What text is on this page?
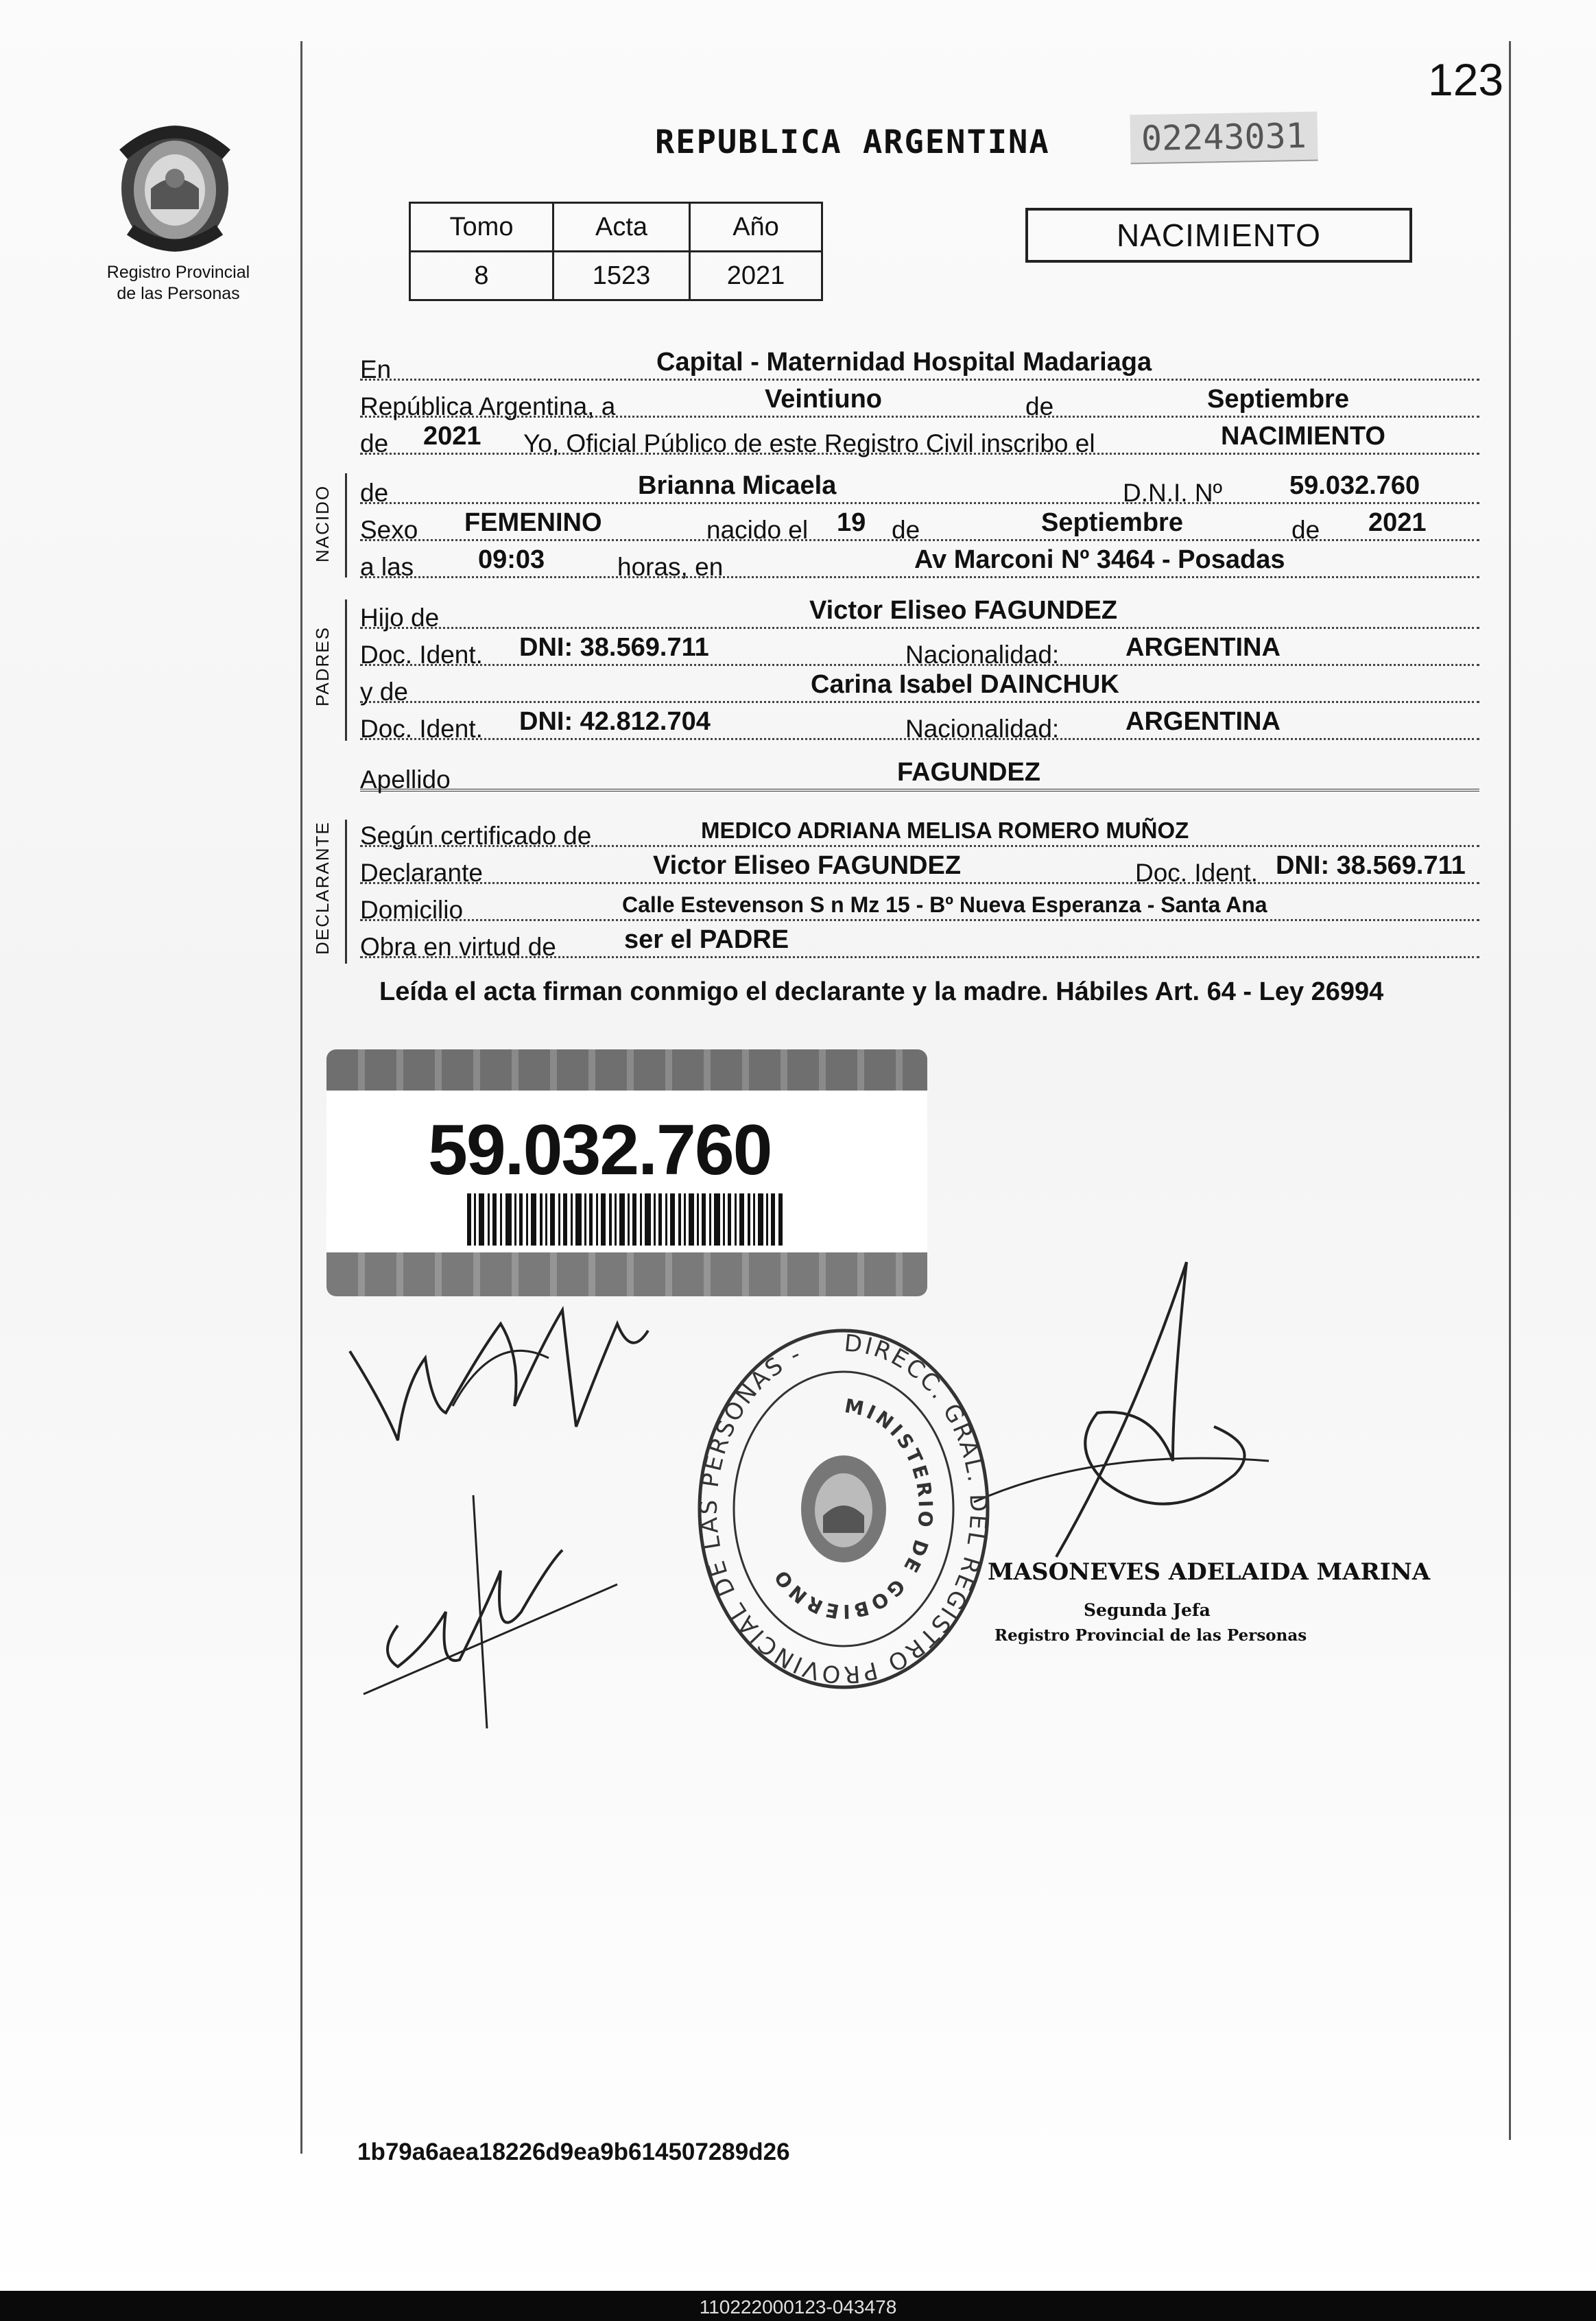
123
Registro Provincial
de las Personas
REPUBLICA ARGENTINA	02243031
Tomo	Acta	Año
8	1523	2021
NACIMIENTO
En	Capital - Maternidad Hospital Madariaga
República Argentina, a	Veintiuno	de	Septiembre
de 2021 Yo, Oficial Público de este Registro Civil inscribo el	NACIMIENTO
NACIDO de	Brianna Micaela	D.N.I. Nº	59.032.760
Sexo FEMENINO	nacido el 19 de	Septiembre	de 2021
a las 09:03	horas, en	Av Marconi Nº 3464 - Posadas
PADRES
Hijo de	Victor Eliseo FAGUNDEZ
Doc. Ident. DNI: 38.569.711	Nacionalidad:	ARGENTINA
y de	Carina Isabel DAINCHUK
Doc. Ident. DNI: 42.812.704	Nacionalidad:	ARGENTINA
Apellido	FAGUNDEZ
DECLARANTE Según certificado de	MEDICO ADRIANA MELISA ROMERO MUÑOZ
Declarante	Victor Eliseo FAGUNDEZ	Doc. Ident. DNI: 38.569.711
Domicilio	Calle Estevenson S n Mz 15 - Bº Nueva Esperanza - Santa Ana
Obra en virtud de	ser el PADRE
Leída el acta firman conmigo el declarante y la madre. Hábiles Art. 64 - Ley 26994
59.032.760
DIRECC. GRAL. DEL REGISTRO PROVINCIAL DE LAS PERSONAS -
MINISTERIO DE GOBIERNO	MASONEVES ADELAIDA MARINA
Segunda Jefa
Registro Provincial de las Personas
1b79a6aea18226d9ea9b614507289d26
110222000123-043478
